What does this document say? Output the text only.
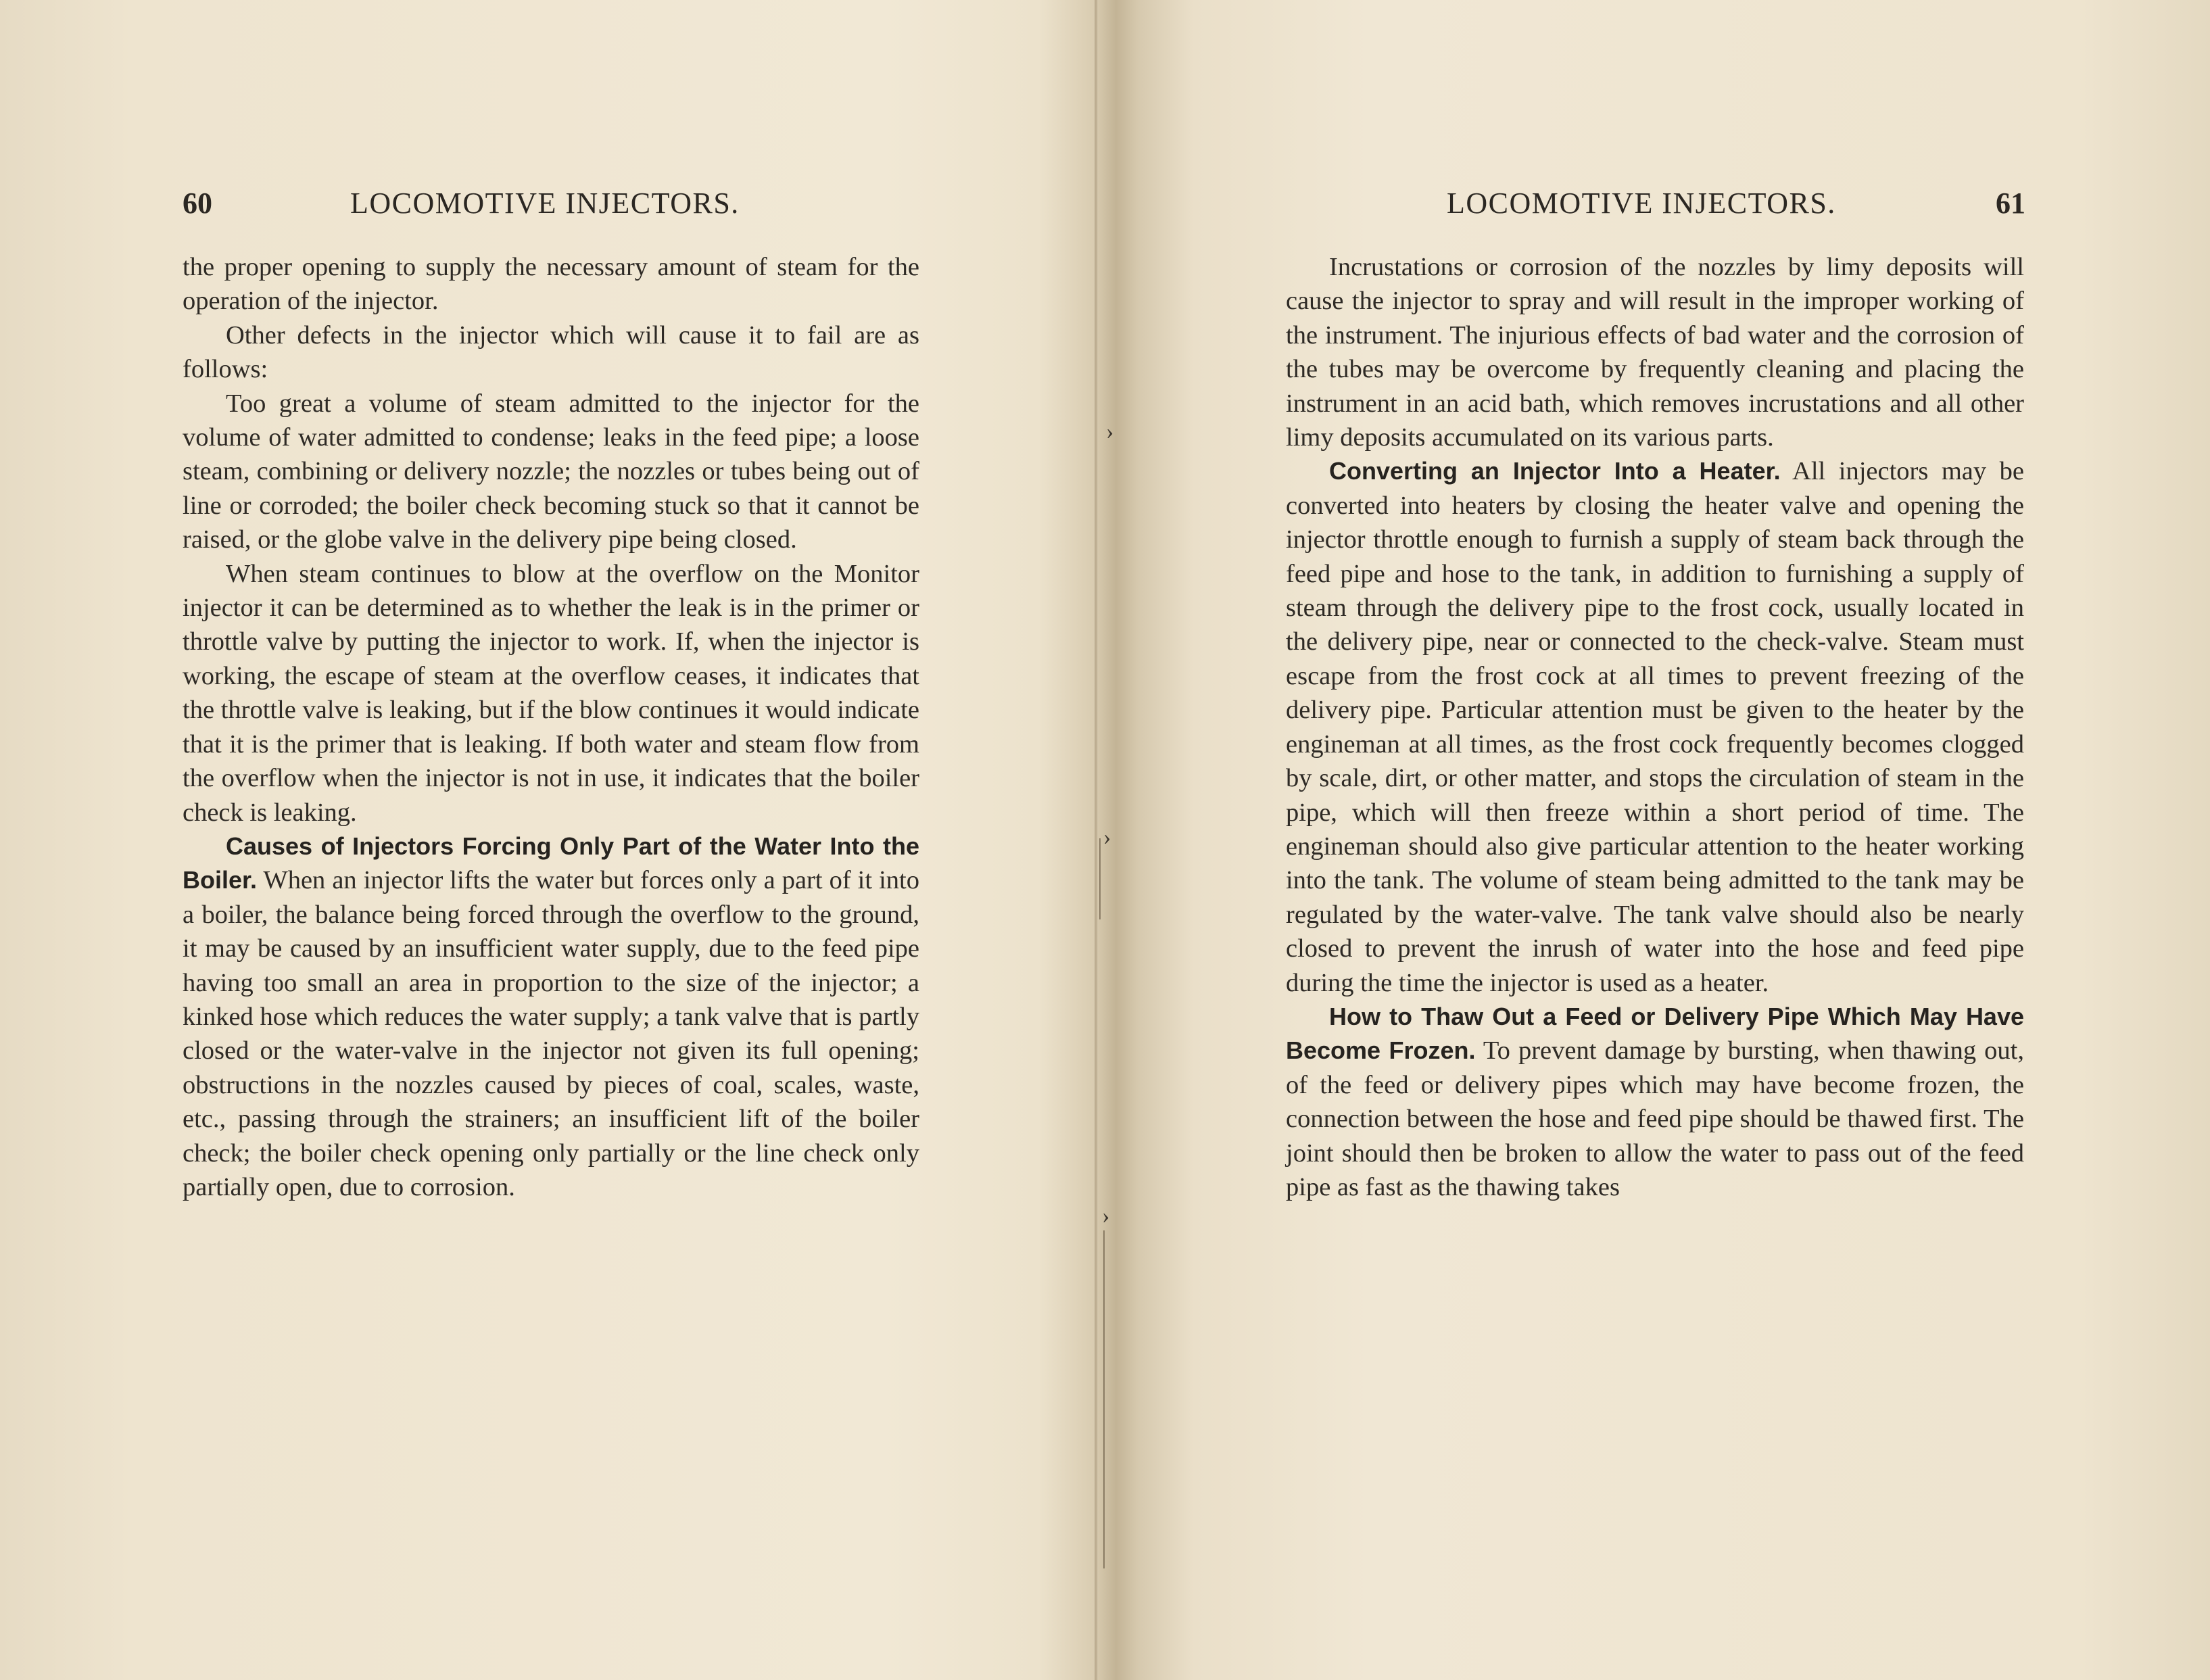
›
›
›
60	LOCOMOTIVE INJECTORS.

the proper opening to supply the necessary amount of steam for the operation of the injector.

Other defects in the injector which will cause it to fail are as follows:

Too great a volume of steam admitted to the injector for the volume of water admitted to condense; leaks in the feed pipe; a loose steam, combining or delivery nozzle; the nozzles or tubes being out of line or corroded; the boiler check becoming stuck so that it cannot be raised, or the globe valve in the delivery pipe being closed.

When steam continues to blow at the overflow on the Monitor injector it can be determined as to whether the leak is in the primer or throttle valve by putting the injector to work. If, when the injector is working, the escape of steam at the overflow ceases, it indicates that the throttle valve is leaking, but if the blow continues it would indicate that it is the primer that is leaking. If both water and steam flow from the overflow when the injector is not in use, it indicates that the boiler check is leaking.

Causes of Injectors Forcing Only Part of the Water Into the Boiler. When an injector lifts the water but forces only a part of it into a boiler, the balance being forced through the overflow to the ground, it may be caused by an insufficient water supply, due to the feed pipe having too small an area in proportion to the size of the injector; a kinked hose which reduces the water supply; a tank valve that is partly closed or the water-valve in the injector not given its full opening; obstructions in the nozzles caused by pieces of coal, scales, waste, etc., passing through the strainers; an insufficient lift of the boiler check; the boiler check opening only partially or the line check only partially open, due to corrosion.

LOCOMOTIVE INJECTORS.	61

Incrustations or corrosion of the nozzles by limy deposits will cause the injector to spray and will result in the improper working of the instrument. The injurious effects of bad water and the corrosion of the tubes may be overcome by frequently cleaning and placing the instrument in an acid bath, which removes incrustations and all other limy deposits accumulated on its various parts.

Converting an Injector Into a Heater. All injectors may be converted into heaters by closing the heater valve and opening the injector throttle enough to furnish a supply of steam back through the feed pipe and hose to the tank, in addition to furnishing a supply of steam through the delivery pipe to the frost cock, usually located in the delivery pipe, near or connected to the check-valve. Steam must escape from the frost cock at all times to prevent freezing of the delivery pipe. Particular attention must be given to the heater by the engineman at all times, as the frost cock frequently becomes clogged by scale, dirt, or other matter, and stops the circulation of steam in the pipe, which will then freeze within a short period of time. The engineman should also give particular attention to the heater working into the tank. The volume of steam being admitted to the tank may be regulated by the water-valve. The tank valve should also be nearly closed to prevent the inrush of water into the hose and feed pipe during the time the injector is used as a heater.

How to Thaw Out a Feed or Delivery Pipe Which May Have Become Frozen. To prevent damage by bursting, when thawing out, of the feed or delivery pipes which may have become frozen, the connection between the hose and feed pipe should be thawed first. The joint should then be broken to allow the water to pass out of the feed pipe as fast as the thawing takes
